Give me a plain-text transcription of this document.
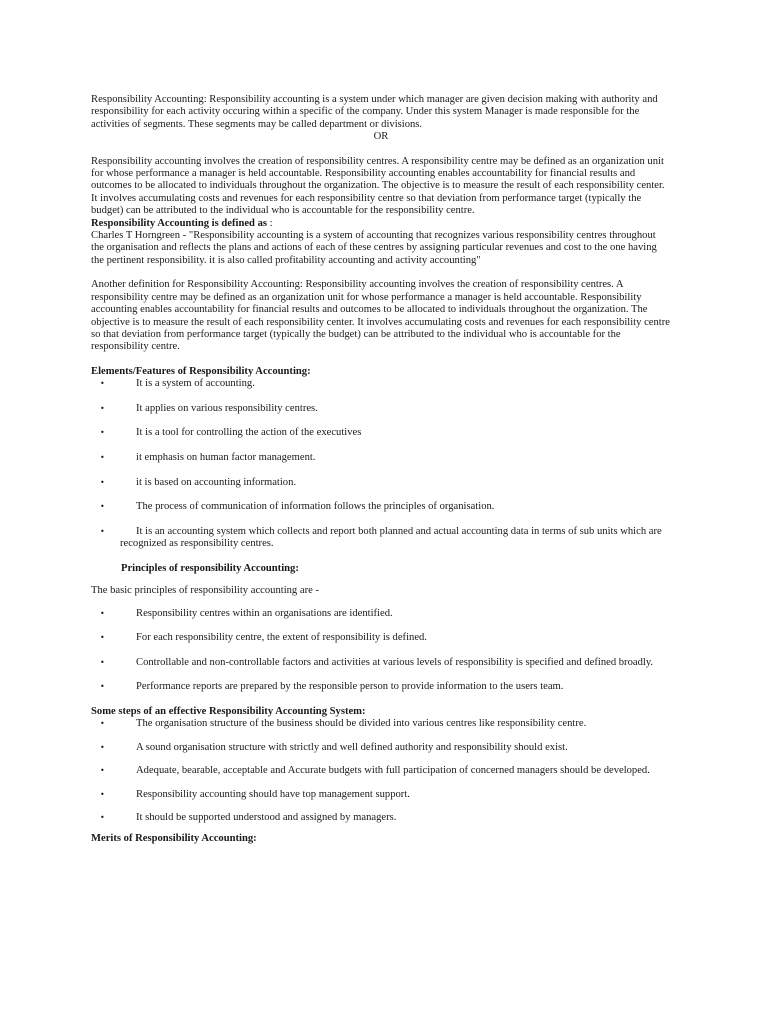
Responsibility Accounting: Responsibility accounting is a system under which manager are given decision making with authority and responsibility for each activity occuring within a specific of the company. Under this system Manager is made responsible for the activities of segments. These segments may be called department or divisions.

OR

Responsibility accounting involves the creation of responsibility centres. A responsibility centre may be defined as an organization unit for whose performance a manager is held accountable. Responsibility accounting enables accountability for financial results and outcomes to be allocated to individuals throughout the organization. The objective is to measure the result of each responsibility center. It involves accumulating costs and revenues for each responsibility centre so that deviation from performance target (typically the budget) can be attributed to the individual who is accountable for the responsibility centre.

Responsibility Accounting is defined as :

Charles T Horngreen - "Responsibility accounting is a system of accounting that recognizes various responsibility centres throughout the organisation and reflects the plans and actions of each of these centres by assigning particular revenues and cost to the one having the pertinent responsibility. it is also called profitability accounting and activity accounting"

Another definition for Responsibility Accounting: Responsibility accounting involves the creation of responsibility centres. A responsibility centre may be defined as an organization unit for whose performance a manager is held accountable. Responsibility accounting enables accountability for financial results and outcomes to be allocated to individuals throughout the organization. The objective is to measure the result of each responsibility center. It involves accumulating costs and revenues for each responsibility centre so that deviation from performance target (typically the budget) can be attributed to the individual who is accountable for the responsibility centre.

Elements/Features of Responsibility Accounting:

•	It is a system of accounting.
•	It applies on various responsibility centres.
•	It is a tool for controlling the action of the executives
•	it emphasis on human factor management.
•	it is based on accounting information.
•	The process of communication of information follows the principles of organisation.
•	It is an accounting system which collects and report both planned and actual accounting data in terms of sub units which are recognized as responsibility centres.

Principles of responsibility Accounting:

The basic principles of responsibility accounting are -

•	Responsibility centres within an organisations are identified.
•	For each responsibility centre, the extent of responsibility is defined.
•	Controllable and non-controllable factors and activities at various levels of responsibility is specified and defined broadly.
•	Performance reports are prepared by the responsible person to provide information to the users team.

Some steps of an effective Responsibility Accounting System:

•	The organisation structure of the business should be divided into various centres like responsibility centre.
•	A sound organisation structure with strictly and well defined authority and responsibility should exist.
•	Adequate, bearable, acceptable and Accurate budgets with full participation of concerned managers should be developed.
•	Responsibility accounting should have top management support.
•	It should be supported understood and assigned by managers.

Merits of Responsibility Accounting:
